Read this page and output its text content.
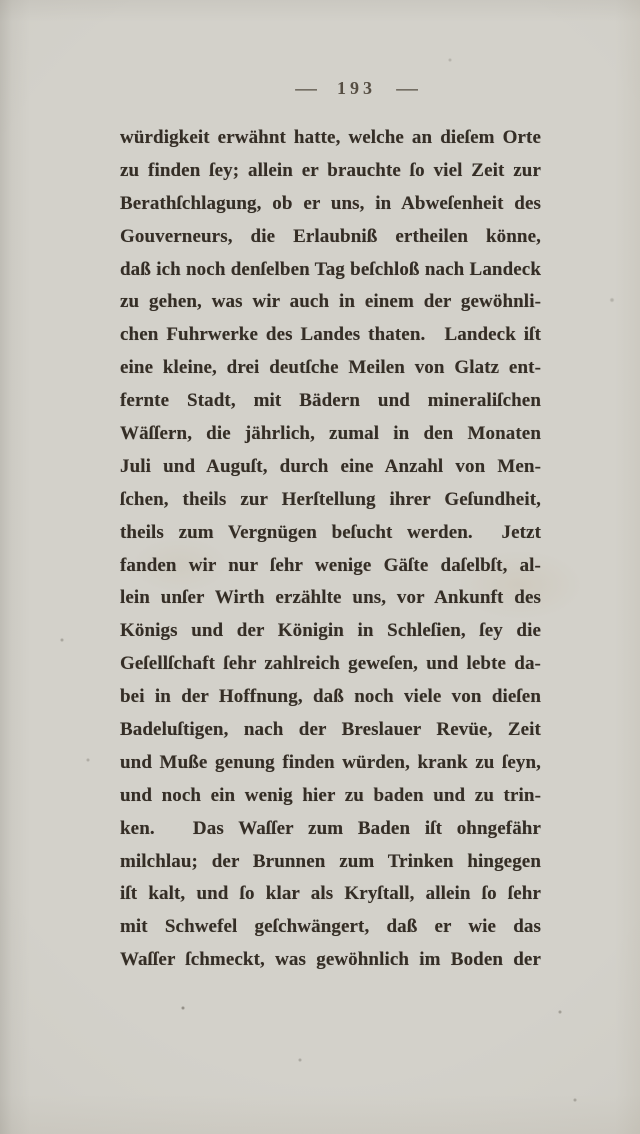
— 193 —
würdigkeit erwähnt hatte, welche an dieſem Orte
zu finden ſey; allein er brauchte ſo viel Zeit zur
Berathſchlagung, ob er uns, in Abweſenheit des
Gouverneurs, die Erlaubniß ertheilen könne,
daß ich noch denſelben Tag beſchloß nach Landeck
zu gehen, was wir auch in einem der gewöhnli-
chen Fuhrwerke des Landes thaten. Landeck iſt
eine kleine, drei deutſche Meilen von Glatz ent-
fernte Stadt, mit Bädern und mineraliſchen
Wäſſern, die jährlich, zumal in den Monaten
Juli und Auguſt, durch eine Anzahl von Men-
ſchen, theils zur Herſtellung ihrer Geſundheit,
theils zum Vergnügen beſucht werden.  Jetzt
fanden wir nur ſehr wenige Gäſte daſelbſt, al-
lein unſer Wirth erzählte uns, vor Ankunft des
Königs und der Königin in Schleſien, ſey die
Geſellſchaft ſehr zahlreich geweſen, und lebte da-
bei in der Hoffnung, daß noch viele von dieſen
Badeluſtigen, nach der Breslauer Revüe, Zeit
und Muße genung finden würden, krank zu ſeyn,
und noch ein wenig hier zu baden und zu trin-
ken.  Das Waſſer zum Baden iſt ohngefähr
milchlau; der Brunnen zum Trinken hingegen
iſt kalt, und ſo klar als Kryſtall, allein ſo ſehr
mit Schwefel geſchwängert, daß er wie das
Waſſer ſchmeckt, was gewöhnlich im Boden der
